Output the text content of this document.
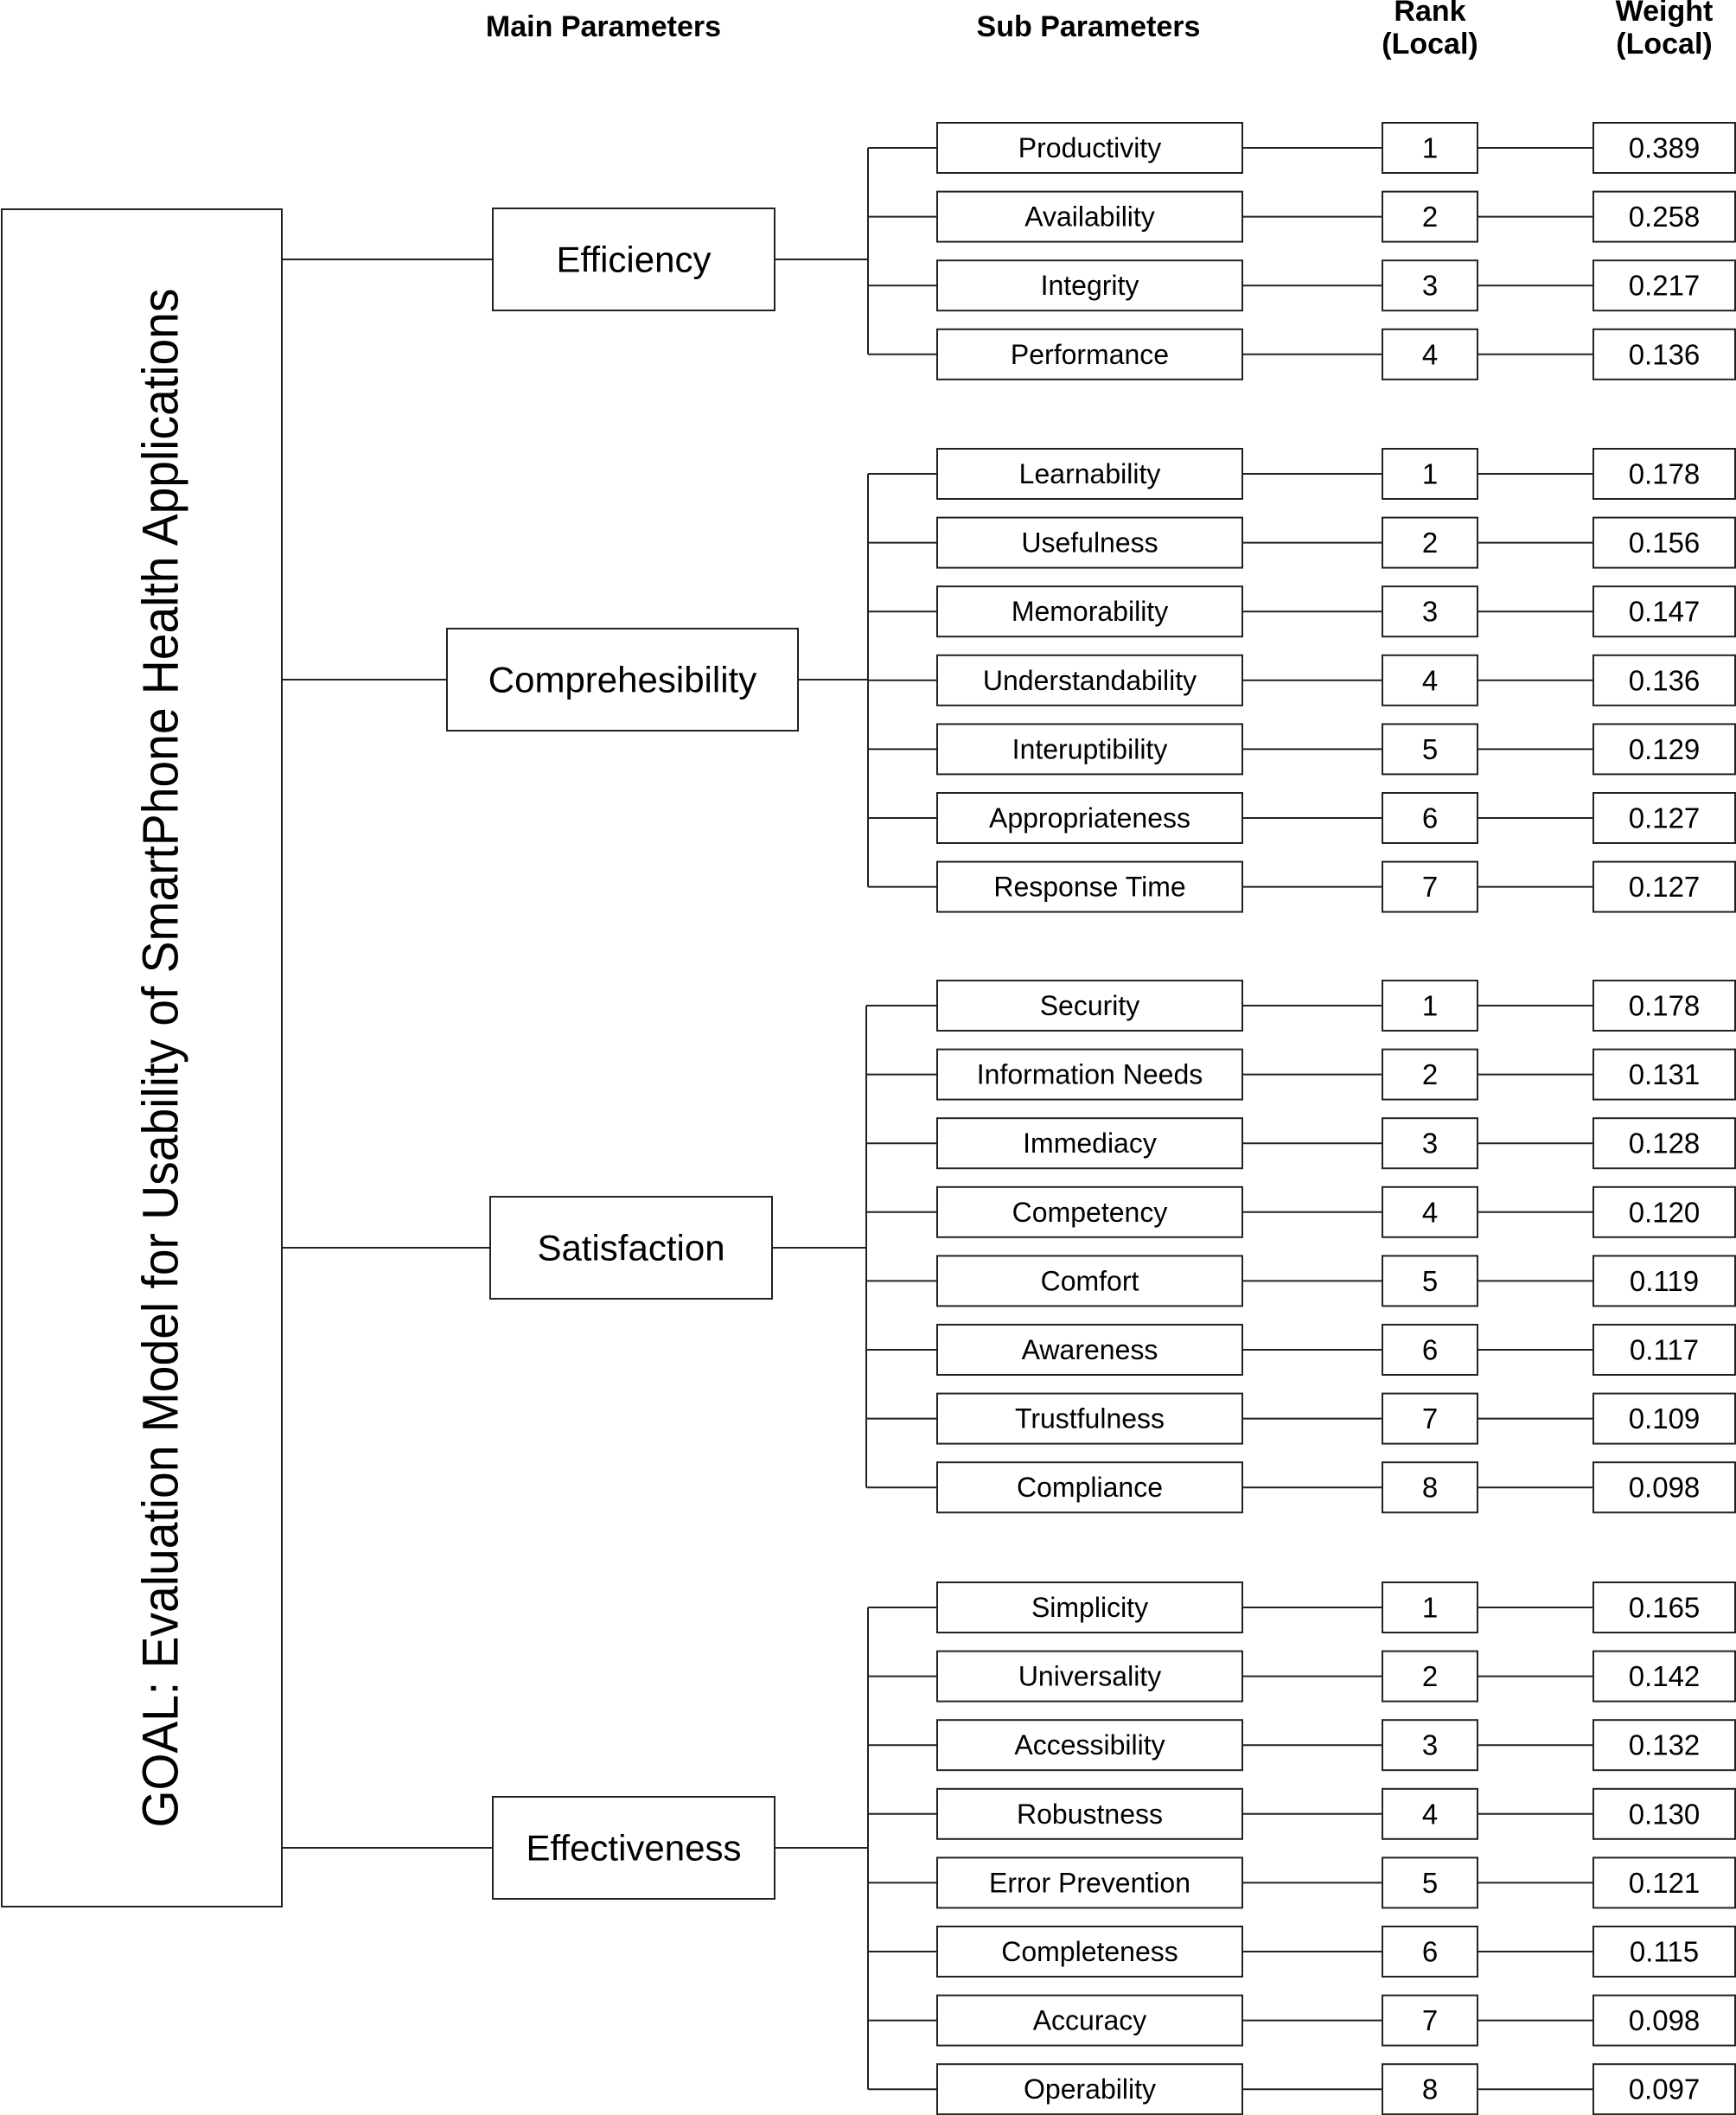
Main Parameters	Sub Parameters	Rank
(Local)
Weight
(Local)
GOAL: Evaluation Model for Usability of SmartPhone Health Applications	Efficiency
Productivity	1	0.389
Availability	2	0.258
Integrity	3	0.217
Performance	4	0.136
Comprehesibility
Learnability	1	0.178
Usefulness	2	0.156
Memorability	3	0.147
Understandability	4	0.136
Interuptibility	5	0.129
Appropriateness	6	0.127
Response Time	7	0.127
Satisfaction
Security	1	0.178
Information Needs	2	0.131
Immediacy	3	0.128
Competency	4	0.120
Comfort	5	0.119
Awareness	6	0.117
Trustfulness	7	0.109
Compliance	8	0.098
Effectiveness
Simplicity	1	0.165
Universality	2	0.142
Accessibility	3	0.132
Robustness	4	0.130
Error Prevention	5	0.121
Completeness	6	0.115
Accuracy	7	0.098
Operability	8	0.097
